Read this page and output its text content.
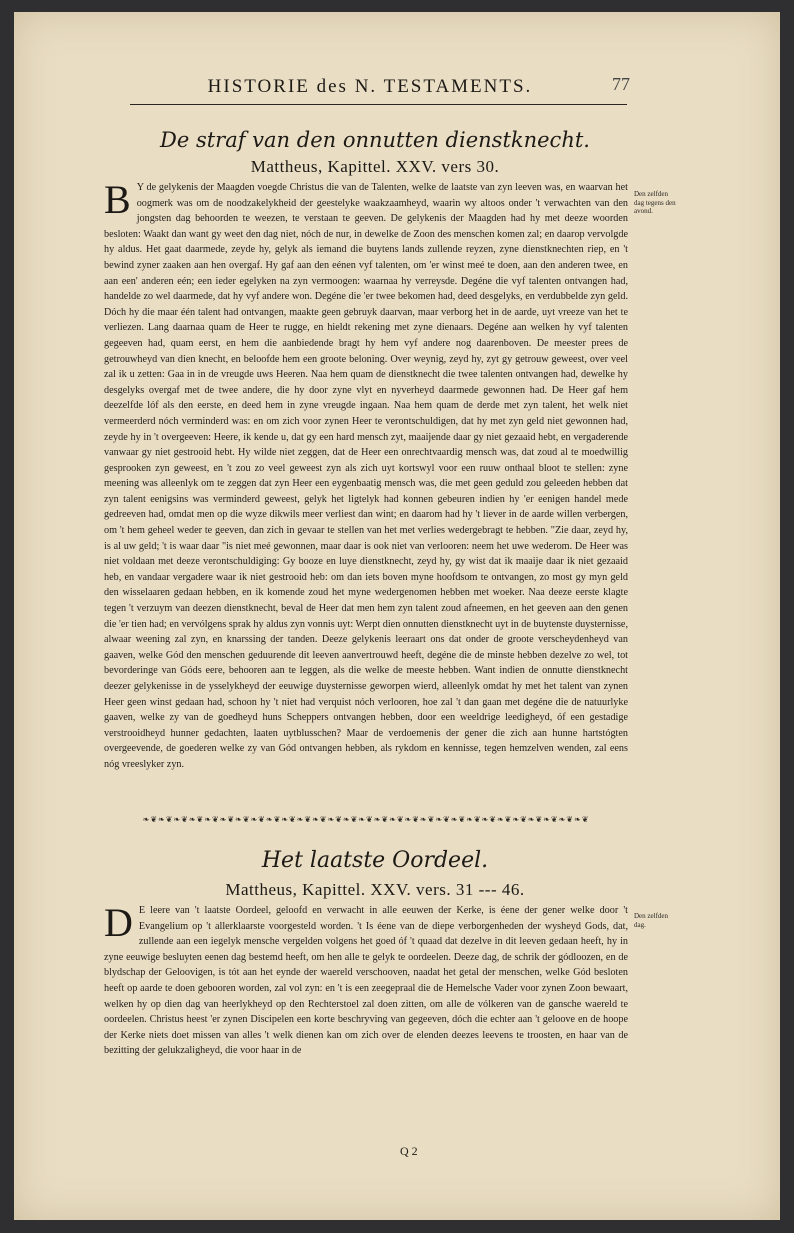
HISTORIE des N. TESTAMENTS.	77
De straf van den onnutten dienstknecht.
Mattheus, Kapittel. XXV. vers 30.
B Y de gelykenis der Maagden voegde Christus die van de Talenten, welke de laatste van zyn leeven was, en waarvan het oogmerk was om de noodzakelykheid der geestelyke waakzaamheyd, waarin wy altoos onder 't verwachten van den jongsten dag behoorden te weezen, te verstaan te geeven. De gelykenis der Maagden had hy met deeze woorden besloten: Waakt dan want gy weet den dag niet, nóch de nur, in dewelke de Zoon des menschen komen zal; en daarop vervolgde hy aldus. Het gaat daarmede, zeyde hy, gelyk als iemand die buytens lands zullende reyzen, zyne dienstknechten riep, en 't bewind zyner zaaken aan hen overgaf. Hy gaf aan den eénen vyf talenten, om 'er winst meé te doen, aan den anderen twee, en aan een' anderen eén; een ieder egelyken na zyn vermoogen: waarnaa hy verreysde. Degéne die vyf talenten ontvangen had, handelde zo wel daarmede, dat hy vyf andere won. Degéne die 'er twee bekomen had, deed desgelyks, en verdubbelde zyn geld. Dóch hy die maar één talent had ontvangen, maakte geen gebruyk daarvan, maar verborg het in de aarde, uyt vreeze van het te verliezen. Lang daarnaa quam de Heer te rugge, en hieldt rekening met zyne dienaars. Degéne aan welken hy vyf talenten gegeeven had, quam eerst, en hem die aanbiedende bragt hy hem vyf andere nog daarenboven. De meester prees de getrouwheyd van dien knecht, en beloofde hem een groote beloning. Over weynig, zeyd hy, zyt gy getrouw geweest, over veel zal ik u zetten: Gaa in in de vreugde uws Heeren. Naa hem quam de dienstknecht die twee talenten ontvangen had, dewelke hy desgelyks overgaf met de twee andere, die hy door zyne vlyt en nyverheyd daarmede gewonnen had. De Heer gaf hem deezelfde lóf als den eerste, en deed hem in zyne vreugde ingaan. Naa hem quam de derde met zyn talent, het welk niet vermeerderd nóch verminderd was: en om zich voor zynen Heer te verontschuldigen, dat hy met zyn geld niet gewonnen had, zeyde hy in 't overgeeven: Heere, ik kende u, dat gy een hard mensch zyt, maaijende daar gy niet gezaaid hebt, en vergaderende vanwaar gy niet gestrooid hebt. Hy wilde niet zeggen, dat de Heer een onrechtvaardig mensch was, dat zoud al te moedwillig gesprooken zyn geweest, en 't zou zo veel geweest zyn als zich uyt kortswyl voor een ruuw onthaal bloot te stellen: zyne meening was alleenlyk om te zeggen dat zyn Heer een eygenbaatig mensch was, die met geen geduld zou geleeden hebben dat zyn talent eenigsins was verminderd geweest, gelyk het ligtelyk had konnen gebeuren indien hy 'er eenigen handel mede gedreeven had, omdat men op die wyze dikwils meer verliest dan wint; en daarom had hy 't liever in de aarde willen verbergen, om 't hem geheel weder te geeven, dan zich in gevaar te stellen van het met verlies wedergebragt te hebben. "Zie daar, zeyd hy, is al uw geld; 't is waar daar "is niet meé gewonnen, maar daar is ook niet van verlooren: neem het uwe wederom. De Heer was niet voldaan met deeze verontschuldiging: Gy booze en luye dienstknecht, zeyd hy, gy wist dat ik maaije daar ik niet gezaaid heb, en vandaar vergadere waar ik niet gestrooid heb: om dan iets boven myne hoofdsom te ontvangen, zo most gy myn geld den wisselaaren gedaan hebben, en ik komende zoud het myne wedergenomen hebben met woeker. Naa deeze eerste klagte tegen 't verzuym van deezen dienstknecht, beval de Heer dat men hem zyn talent zoud afneemen, en het geeven aan den genen die 'er tien had; en vervólgens sprak hy aldus zyn vonnis uyt: Werpt dien onnutten dienstknecht uyt in de buytenste duysternisse, alwaar weening zal zyn, en knarssing der tanden. Deeze gelykenis leeraart ons dat onder de groote verscheydenheyd van gaaven, welke Gód den menschen geduurende dit leeven aanvertrouwd heeft, degéne die de minste hebben dezelve zo wel, tot bevorderinge van Góds eere, behooren aan te leggen, als die welke de meeste hebben. Want indien de onnutte dienstknecht deezer gelykenisse in de ysselykheyd der eeuwige duysternisse geworpen wierd, alleenlyk omdat hy met het talent van zynen Heer geen winst gedaan had, schoon hy 't niet had verquist nóch verlooren, hoe zal 't dan gaan met degéne die de natuurlyke gaaven, welke zy van de goedheyd huns Scheppers ontvangen hebben, door een weeldrige leedigheyd, óf een gestadige verstrooidheyd hunner gedachten, laaten uytblusschen? Maar de verdoemenis der gener die zich aan hunne hartstógten overgeevende, de goederen welke zy van Gód ontvangen hebben, als rykdom en kennisse, tegen hemzelven wenden, zal eens nóg vreeslyker zyn.
Den zelfden dag tegens den avond.
❧❦❧❦❧❦❧❦❧❦❧❦❧❦❧❦❧❦❧❦❧❦❧❦❧❦❧❦❧❦❧❦❧❦❧❦❧❦❧❦❧❦❧❦❧❦❧❦❧❦❧❦❧❦❧❦❧❦
Het laatste Oordeel.
Mattheus, Kapittel. XXV. vers. 31 --- 46.
D E leere van 't laatste Oordeel, geloofd en verwacht in alle eeuwen der Kerke, is éene der gener welke door 't Evangelium op 't allerklaarste voorgesteld worden. 't Is éene van de diepe verborgenheden der wysheyd Gods, dat, zullende aan een iegelyk mensche vergelden volgens het goed óf 't quaad dat dezelve in dit leeven gedaan heeft, hy in zyne eeuwige besluyten eenen dag bestemd heeft, om hen alle te gelyk te oordeelen. Deeze dag, de schrik der gódloozen, en de blydschap der Geloovigen, is tót aan het eynde der waereld verschooven, naadat het getal der menschen, welke Gód besloten heeft op aarde te doen gebooren worden, zal vol zyn: en 't is een zeegepraal die de Hemelsche Vader voor zynen Zoon bewaart, welken hy op dien dag van heerlykheyd op den Rechterstoel zal doen zitten, om alle de vólkeren van de gansche waereld te oordeelen. Christus heest 'er zynen Discipelen een korte beschryving van gegeeven, dóch die echter aan 't geloove en de hoope der Kerke niets doet missen van alles 't welk dienen kan om zich over de elenden deezes leevens te troosten, en haar van de bezitting der gelukzaligheyd, die voor haar in de
Den zelfden dag.
Q 2
